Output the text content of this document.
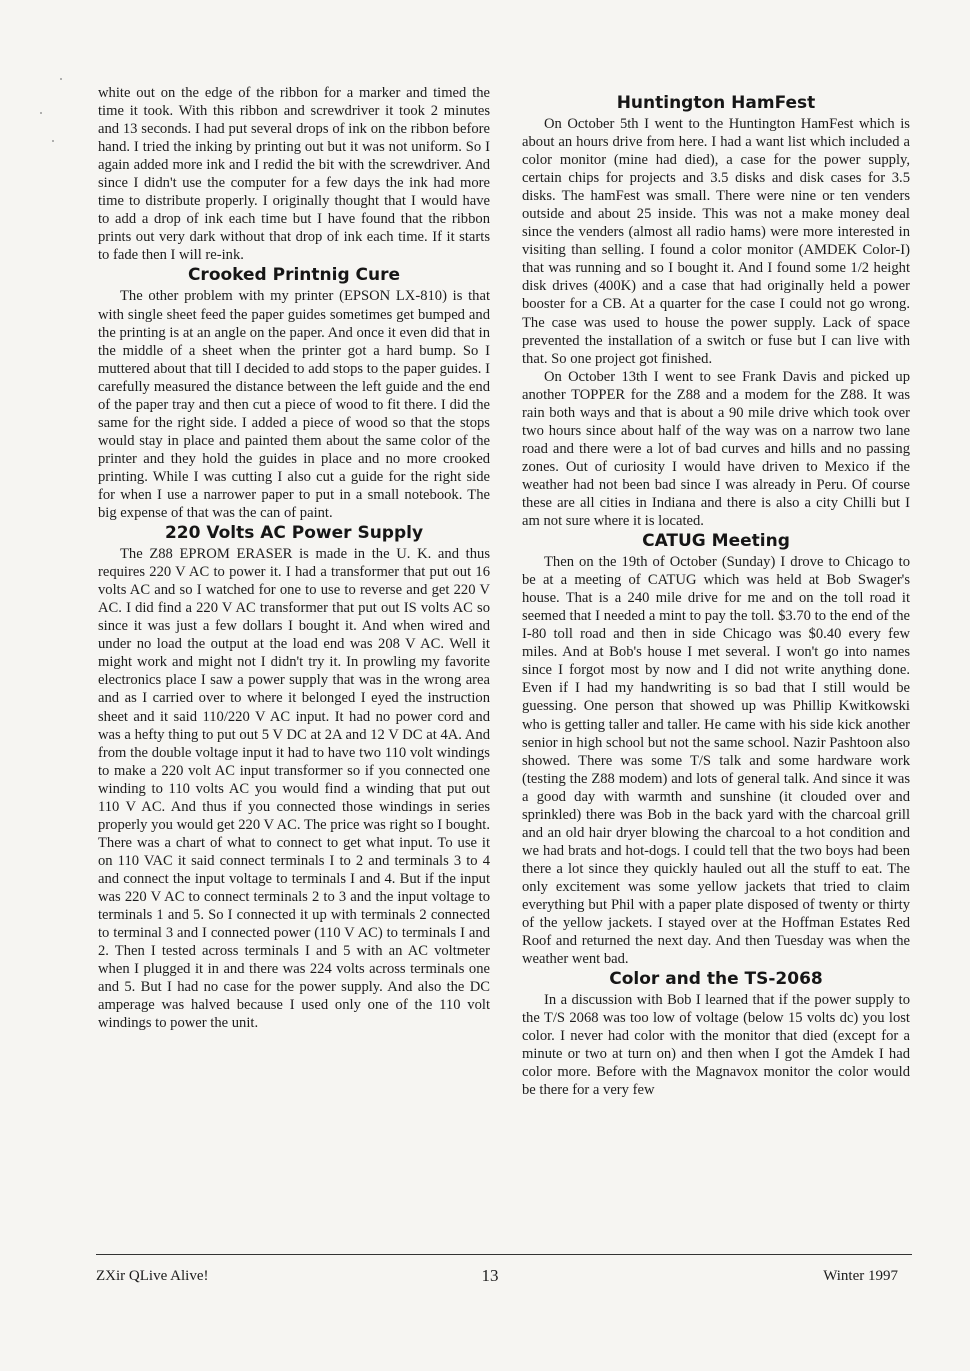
white out on the edge of the ribbon for a marker and timed the time it took. With this ribbon and screwdriver it took 2 minutes and 13 seconds. I had put several drops of ink on the ribbon before hand. I tried the inking by printing out but it was not uniform. So I again added more ink and I redid the bit with the screwdriver. And since I didn't use the computer for a few days the ink had more time to distribute properly. I originally thought that I would have to add a drop of ink each time but I have found that the ribbon prints out very dark without that drop of ink each time. If it starts to fade then I will re-ink.

Crooked Printnig Cure

The other problem with my printer (EPSON LX-810) is that with single sheet feed the paper guides sometimes get bumped and the printing is at an angle on the paper. And once it even did that in the middle of a sheet when the printer got a hard bump. So I muttered about that till I decided to add stops to the paper guides. I carefully measured the distance between the left guide and the end of the paper tray and then cut a piece of wood to fit there. I did the same for the right side. I added a piece of wood so that the stops would stay in place and painted them about the same color of the printer and they hold the guides in place and no more crooked printing. While I was cutting I also cut a guide for the right side for when I use a narrower paper to put in a small notebook. The big expense of that was the can of paint.

220 Volts AC Power Supply

The Z88 EPROM ERASER is made in the U. K. and thus requires 220 V AC to power it. I had a transformer that put out 16 volts AC and so I watched for one to use to reverse and get 220 V AC. I did find a 220 V AC transformer that put out IS volts AC so since it was just a few dollars I bought it. And when wired and under no load the output at the load end was 208 V AC. Well it might work and might not I didn't try it. In prowling my favorite electronics place I saw a power supply that was in the wrong area and as I carried over to where it belonged I eyed the instruction sheet and it said 110/220 V AC input. It had no power cord and was a hefty thing to put out 5 V DC at 2A and 12 V DC at 4A. And from the double voltage input it had to have two 110 volt windings to make a 220 volt AC input transformer so if you connected one winding to 110 volts AC you would find a winding that put out 110 V AC. And thus if you connected those windings in series properly you would get 220 V AC. The price was right so I bought. There was a chart of what to connect to get what input. To use it on 110 VAC it said connect terminals I to 2 and terminals 3 to 4 and connect the input voltage to terminals I and 4. But if the input was 220 V AC to connect terminals 2 to 3 and the input voltage to terminals 1 and 5. So I connected it up with terminals 2 connected to terminal 3 and I connected power (110 V AC) to terminals I and 2. Then I tested across terminals I and 5 with an AC voltmeter when I plugged it in and there was 224 volts across terminals one and 5. But I had no case for the power supply. And also the DC amperage was halved because I used only one of the 110 volt windings to power the unit.

Huntington HamFest

On October 5th I went to the Huntington HamFest which is about an hours drive from here. I had a want list which included a color monitor (mine had died), a case for the power supply, certain chips for projects and 3.5 disks and disk cases for 3.5 disks. The hamFest was small. There were nine or ten venders outside and about 25 inside. This was not a make money deal since the venders (almost all radio hams) were more interested in visiting than selling. I found a color monitor (AMDEK Color-I) that was running and so I bought it. And I found some 1/2 height disk drives (400K) and a case that had originally held a power booster for a CB. At a quarter for the case I could not go wrong. The case was used to house the power supply. Lack of space prevented the installation of a switch or fuse but I can live with that. So one project got finished.

On October 13th I went to see Frank Davis and picked up another TOPPER for the Z88 and a modem for the Z88. It was rain both ways and that is about a 90 mile drive which took over two hours since about half of the way was on a narrow two lane road and there were a lot of bad curves and hills and no passing zones. Out of curiosity I would have driven to Mexico if the weather had not been bad since I was already in Peru. Of course these are all cities in Indiana and there is also a city Chilli but I am not sure where it is located.

CATUG Meeting

Then on the 19th of October (Sunday) I drove to Chicago to be at a meeting of CATUG which was held at Bob Swager's house. That is a 240 mile drive for me and on the toll road it seemed that I needed a mint to pay the toll. $3.70 to the end of the I-80 toll road and then in side Chicago was $0.40 every few miles. And at Bob's house I met several. I won't go into names since I forgot most by now and I did not write anything done. Even if I had my handwriting is so bad that I still would be guessing. One person that showed up was Phillip Kwitkowski who is getting taller and taller. He came with his side kick another senior in high school but not the same school. Nazir Pashtoon also showed. There was some T/S talk and some hardware work (testing the Z88 modem) and lots of general talk. And since it was a good day with warmth and sunshine (it clouded over and sprinkled) there was Bob in the back yard with the charcoal grill and an old hair dryer blowing the charcoal to a hot condition and we had brats and hot-dogs. I could tell that the two boys had been there a lot since they quickly hauled out all the stuff to eat. The only excitement was some yellow jackets that tried to claim everything but Phil with a paper plate disposed of twenty or thirty of the yellow jackets. I stayed over at the Hoffman Estates Red Roof and returned the next day. And then Tuesday was when the weather went bad.

Color and the TS-2068

In a discussion with Bob I learned that if the power supply to the T/S 2068 was too low of voltage (below 15 volts dc) you lost color. I never had color with the monitor that died (except for a minute or two at turn on) and then when I got the Amdek I had color more. Before with the Magnavox monitor the color would be there for a very few

ZXir QLive Alive!	13	Winter 1997
